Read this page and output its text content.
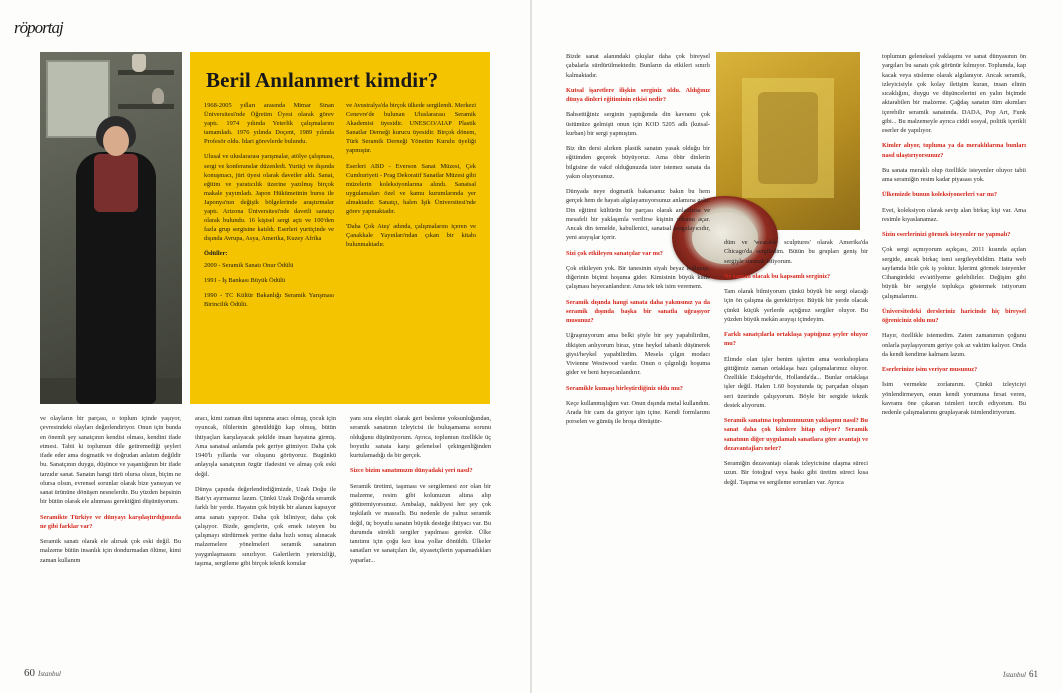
röportaj
Beril Anılanmert kimdir?

1968-2005 yılları arasında Mimar Sinan Üniversitesi'nde Öğretim Üyesi olarak görev yaptı. 1974 yılında Yeterlik çalışmalarını tamamladı. 1976 yılında Doçent, 1989 yılında Profesör oldu. İdari görevlerde bulundu.

Ulusal ve uluslararası yarışmalar, atölye çalışması, sergi ve konferanslar düzenledi. Yurtiçi ve dışında konuşmacı, jüri üyesi olarak davetler aldı. Sanat, eğitim ve yaratıcılık üzerine yazılmış birçok makale yayımladı. Japon Hükümetinin bursu ile Japonya'nın değişik bölgelerinde araştırmalar yaptı. Arizona Üniversitesi'nde davetli sanatçı olarak bulundu. 16 kişisel sergi açtı ve 100'den fazla grup sergisine katıldı. Eserleri yurtiçinde ve dışında Avrupa, Asya, Amerika, Kuzey Afrika

Ödüller:

2009 - Seramik Sanatı Onur Ödülü

1991 - İş Bankası Büyük Ödülü

1990 - TC Kültür Bakanlığı Seramik Yarışması Birincilik Ödülü.

ve Avustralya'da birçok ülkede sergilendi. Merkezi Cenevre'de bulunan Uluslararası Seramik Akademisi üyesidir. UNESCO/AIAP Plastik Sanatlar Derneği kurucu üyesidir. Birçok dönem, Türk Seramik Derneği Yönetim Kurulu üyeliği yapmıştır.

Eserleri ABD - Everson Sanat Müzesi, Çek Cumhuriyeti - Prag Dekoratif Sanatlar Müzesi gibi müzelerin koleksiyonlarına alındı. Sanatsal uygulamaları özel ve kamu kurumlarında yer almaktadır. Sanatçı, halen İşik Üniversitesi'nde görev yapmaktadır.

'Daha Çok Ateş' adında, çalışmalarını içeren ve Çanakkale Yayınları'ndan çıkan bir kitabı bulunmaktadır.

ve olayların bir parçası, o toplum içinde yaşıyor, çevresindeki olayları değerlendiriyor. Onun için bunda en önemli şey sanatçının kendisi olması, kendini ifade etmesi. Tabii ki toplumun dile getiremediği şeyleri ifade eder ama dogmatik ve doğrudan anlatım değildir bu. Sanatçının duygu, düşünce ve yaşantığının bir ifade tarzıdır sanat. Sanatın hangi türü olursa olsun, biçim ne olursa olsun, evrensel sorunlar olarak bize yansıyan ve sanat ürününe dönüşen nesnelerdir. Bu yüzden hepsinin bir bütün olarak ele alınması gerektiğini düşünüyorum.

Seramikte Türkiye ve dünyayı karşılaştırdığınızda ne gibi farklar var?

Seramik sanatı olarak ele alırsak çok eski değil. Bu malzeme bütün insanlık için dondurmadan ölüme, kimi zaman kullanım

aracı, kimi zaman dini tapınma aracı olmuş, çocuk için oyuncak, ölülerinin gömüldüğü kap olmuş, bütün ihtiyaçları karşılayacak şekilde insan hayatına girmiş. Ama sanatsal anlamda pek geriye gitmiyor. Daha çok 1940'lı yıllarda var oluşunu görüyoruz. Bugünkü anlayışla sanatçının özgür ifadesini ve almaş çok eski değil.

Dünya çapında değerlendirdiğimizde, Uzak Doğu ile Batı'yı ayırmamız lazım. Çünkü Uzak Doğu'da seramik farklı bir yerde. Hayatın çok büyük bir alanını kapsıyor ama sanatı yapıyor. Daha çok biliniyor, daha çok çalışıyor. Bizde, gençlerin, çok emek isteyen bu çalışmayı sürdürmek yerine daha hızlı sonuç alınacak malzemelere yönelmeleri seramik sanatının yaygınlaşmasını sınırlıyor. Galerilerin yetersizliği, taşıma, sergileme gibi birçok teknik konular

yanı sıra eleştiri olarak geri besleme yoksunluğundan, seramik sanatının izleyicisi ile buluşamama sorunu olduğunu düşünüyorum. Ayrıca, toplumun özellikle üç boyutlu sanata karşı gelenelsel çekingenliğinden kurtulamadığı da bir gerçek.

Sizce bizim sanatımızın dünyadaki yeri nasıl?

Seramik üretimi, taşıması ve sergilemesi zor olan bir malzeme, resim gibi kolunuzun altına alıp götüremiyorsunuz. Ambalajı, nakliyesi her şey çok teşkilatlı ve masraflı. Bu nedenle de yalnız seramik değil, üç boyutlu sanatın büyük desteğe ihtiyacı var. Bu durumda sürekli sergiler yapılması gerekir. Ülke tanıtımı için çoğu kez kısa yollar dönüldü. Ülkeler sanatları ve sanatçıları ile, siyasetçilerin yapamadıkları yaparlar...

Bizde sanat alanındaki çıkışlar daha çok bireysel çabalarla sürdürülmektedir. Bunların da etkileri sınırlı kalmaktadır.

Kutsal işaretlere ilişkin serginiz oldu. Aldığınız dünya dinleri eğitiminin etkisi nedir?

Bahsettiğiniz serginin yaptığımda din kavramı çok üstümüze gelmişti onun için KOD 5205 adlı (kutsal- kurban) bir sergi yapmıştım.

Biz din dersi alırken plastik sanatın yasak olduğu bir eğitimden geçerek büyüyoruz. Ama öbür dinlerin bilgisine de vakıf olduğunuzda ister istemez sanata da yakın oluyorsunuz.

Dünyada neye dogmatik bakarsanız bakın bu hem gerçek hem de hayatı algılayamıyorsunuz anlamına gelir. Din eğitimi kültürün bir parçası olarak anlatılırsa ve mesafeli bir yaklaşımla verilirse kişinin ufkunu açar. Ancak din temelde, kabullenici, sanatsal sorgulayıcıdır, yeni arayışlar içerir.

Sizi çok etkileyen sanatçılar var mı?

Çok etkileyen yok. Bir tanesinin siyah beyaz kullanışı, diğerinin biçimi hoşuma gider. Kimisinin büyük kütle çalışması heyecanlandırır. Ama tek tek isim veremem.

Seramik dışında hangi sanata daha yakınsınız ya da seramik dışında başka bir sanatla uğraşıyor musunuz?

Uğraşmıyorum ama belki şöyle bir şey yapabilirdim, dikişten anlıyorum biraz, yine heykel tabanlı düşünerek giysi/heykel yapabilirdim. Mesela çılgın modacı Vivienne Westwood vardır. Onun o çılgınlığı hoşuma gider ve beni heyecanlandırır.

Seramikle kumaşı birleştirdiğiniz oldu mu?

Keçe kullanmışlığım var. Onun dışında metal kullandım. Arada bir cam da giriyor işin içine. Kendi formlarımı porselen ve gümüş ile broşa dönüştür-

düm ve 'wearable sculptures' olarak Amerika'da Chicago'da sergiledim. Bütün bu grupları geniş bir sergiyle sunmak istiyorum.

Ne zaman olacak bu kapsamlı serginiz?

Tam olarak bilmiyorum çünkü büyük bir sergi olacağı için ön çalışma da gerektiriyor. Büyük bir yerde olacak çünkü küçük yerlerde açtığınız sergiler oluyor. Bu yüzden büyük mekân arayışı içindeyim.

Farklı sanatçılarla ortaklaşa yaptığınız şeyler oluyor mu?

Elimde olan işler benim işlerim ama workshoplara gittiğimiz zaman ortaklaşa bazı çalışmalarımız oluyor. Özellikle Eskişehir'de, Hollanda'da... Bunlar ortaklaşa işler değil. Halen 1.60 boyutunda üç parçadan oluşan seri üzerinde çalışıyorum. Böyle bir sergide teknik destek alıyorum.

Seramik sanatına toplumumuzun yaklaşımı nasıl? Bu sanat daha çok kimlere hitap ediyor? Seramik sanatının diğer uygulamalı sanatlara göre avantajı ve dezavantajları neler?

Seramiğin dezavantajı olarak izleyicisine ulaşma süreci uzun. Bir fotoğraf veya baskı gibi üretim süreci kısa değil. Taşıma ve sergileme sorunları var. Ayrıca

toplumun geleneksel yaklaşımı ve sanat dünyasının ön yargıları bu sanatı çok görünür kılmıyor. Toplumda, kap kacak veya süsleme olarak algılanıyor. Ancak seramik, izleyicisiyle çok kolay iletişim kuran, insan elinin sıcaklığını, duygu ve düşüncelerini en yalın biçimde aktarabilen bir malzeme. Çağdaş sanatın tüm akımları içerebilir seramik sanatında. DADA, Pop Art, Funk gibi... Bu malzemeyle ayrıca ciddi sosyal, politik içerikli eserler de yapılıyor.

Kimler alıyor, topluma ya da meraklılarına bunları nasıl ulaştırıyorsunuz?

Bu sanata meraklı olup özellikle isteyenler oluyor tabii ama seramiğin resim kadar piyasası yok.

Ülkemizde bunun koleksiyonerleri var mı?

Evet, koleksiyon olarak sevip alan birkaç kişi var. Ama resimle kıyaslanamaz.

Sizin eserlerinizi görmek isteyenler ne yapmalı?

Çok sergi açmıyorum açıkçası, 2011 kısında açılan sergide, ancak birkaç ismi sergileyebildim. Hatta web sayfamda bile çok iş yoktur. İşlerimi görmek isteyenler Cihangirdeki ev/atölyeme gelebilirler. Değişim gibi büyük bir sergiyle toplukça göstermek istiyorum çalışmalarımı.

Üniversitedeki dersleriniz haricinde hiç bireysel öğreniciniz oldu mu?

Hayır, özellikle istemedim. Zaten zamanımın çoğunu onlarla paylaşıyorum geriye çok az vaktim kalıyor. Onda da kendi kendime kalmam lazım.

Eserlerinize isim veriyor musunuz?

İsim vermekte zorlanırım. Çünkü izleyiciyi yönlendirmeyen, onun kendi yorumuna fırsat veren, kavramı öne çıkaran isimleri tercih ediyorum. Bu nedenle çalışmalarımı gruplayarak isimlendiriyorum.

60 İstanbul	İstanbul 61
